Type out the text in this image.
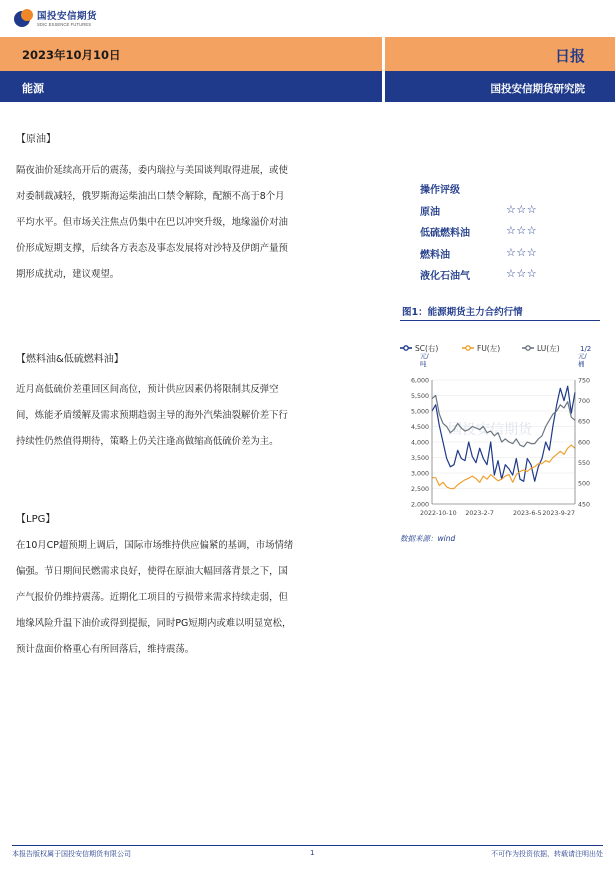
国投安信期货
SDIC ESSENCE FUTURES
2023年10月10日	日报
能源	国投安信期货研究院
【原油】
隔夜油价延续高开后的震荡，委内瑞拉与美国谈判取得进展，或使
对委制裁减轻，俄罗斯海运柴油出口禁令解除，配额不高于8个月
平均水平。但市场关注焦点仍集中在巴以冲突升级，地缘溢价对油
价形成短期支撑，后续各方表态及事态发展将对沙特及伊朗产量预
期形成扰动，建议观望。
【燃料油&低硫燃料油】
近月高低硫价差重回区间高位，预计供应因素仍将限制其反弹空
间，炼能矛盾缓解及需求预期趋弱主导的海外汽柴油裂解价差下行
持续性仍然值得期待，策略上仍关注逢高做缩高低硫价差为主。
【LPG】
在10月CP超预期上调后，国际市场维持供应偏紧的基调，市场情绪
偏强。节日期间民燃需求良好，使得在原油大幅回落背景之下，国
产气报价仍维持震荡。近期化工项目的亏损带来需求持续走弱，但
地缘风险升温下油价或得到提振，同时PG短期内或难以明显宽松，
预计盘面价格重心有所回落后，维持震荡。
操作评级
原油	☆☆☆
低硫燃料油	☆☆☆
燃料油	☆☆☆
液化石油气	☆☆☆
图1：能源期货主力合约行情
SC(右)	FU(左)	LU(左)	1/2
元/吨
元/桶
国投安信期货
6,000
5,500
5,000
4,500
4,000
3,500
3,000
2,500
2,000
750
700
650
600
550
500
450
2022-10-10 2023-2-7	2023-6-5 2023-9-27
数据来源：wind
本报告版权属于国投安信期货有限公司	1	不可作为投资依据，转载请注明出处
